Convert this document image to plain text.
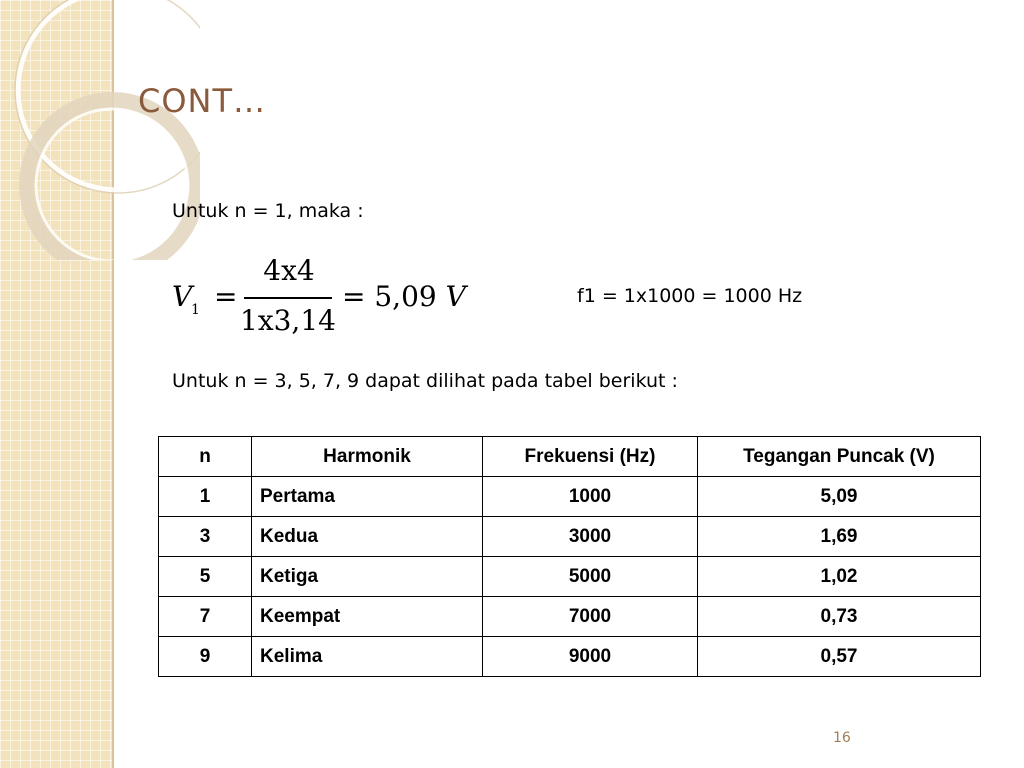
CONT…
Untuk n = 1, maka :
V
1 =
4x4
1x3,14
= 5,09 V	f1 = 1x1000 = 1000 Hz
Untuk n = 3, 5, 7, 9 dapat dilihat pada tabel berikut :
n	Harmonik	Frekuensi (Hz)	Tegangan Puncak (V)
1	Pertama	1000	5,09
3	Kedua	3000	1,69
5	Ketiga	5000	1,02
7	Keempat	7000	0,73
9	Kelima	9000	0,57
16
